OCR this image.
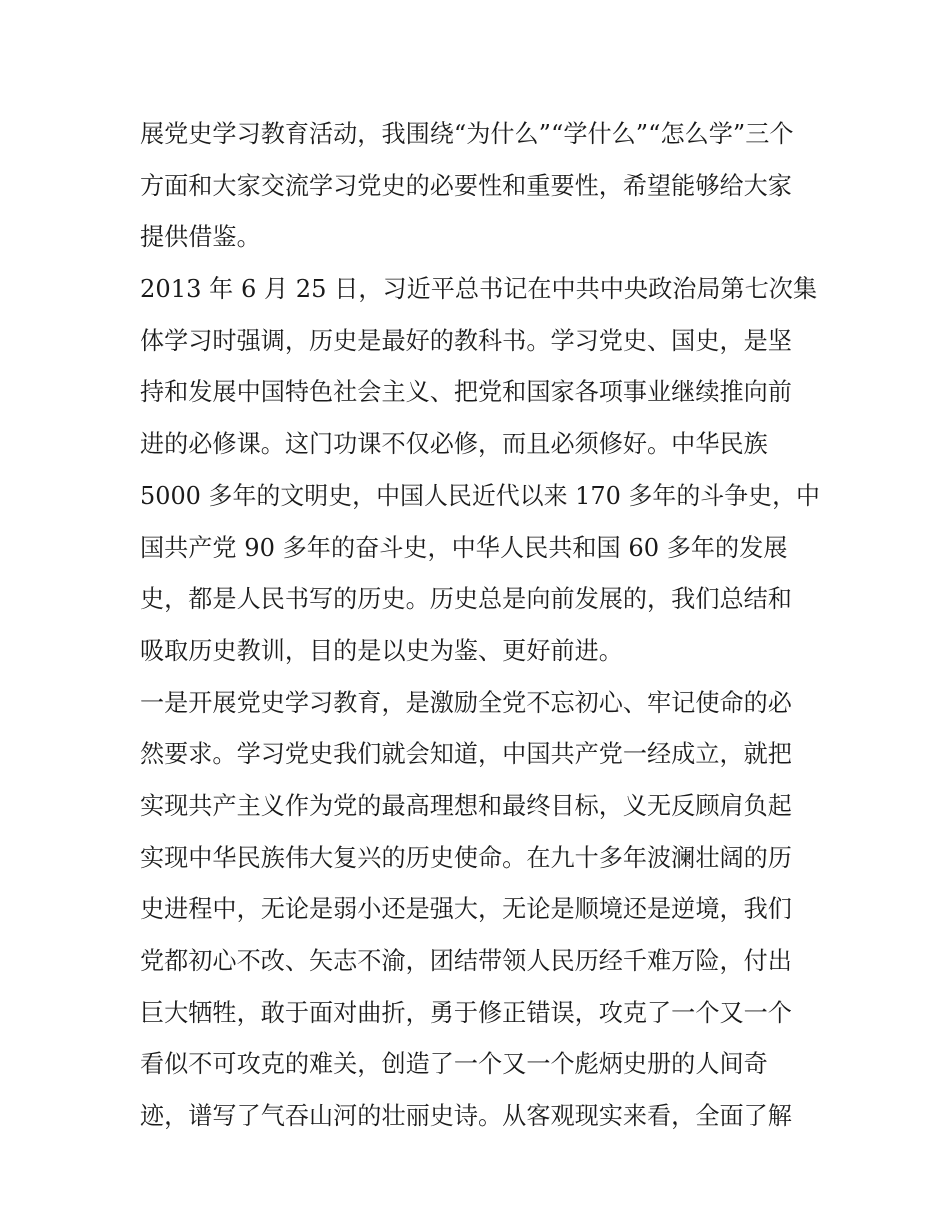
展党史学习教育活动，我围绕“为什么”“学什么”“怎么学”三个
方面和大家交流学习党史的必要性和重要性，希望能够给大家
提供借鉴。
2013 年 6 月 25 日，习近平总书记在中共中央政治局第七次集
体学习时强调，历史是最好的教科书。学习党史、国史，是坚
持和发展中国特色社会主义、把党和国家各项事业继续推向前
进的必修课。这门功课不仅必修，而且必须修好。中华民族
5000 多年的文明史，中国人民近代以来 170 多年的斗争史，中
国共产党 90 多年的奋斗史，中华人民共和国 60 多年的发展
史，都是人民书写的历史。历史总是向前发展的，我们总结和
吸取历史教训，目的是以史为鉴、更好前进。
一是开展党史学习教育，是激励全党不忘初心、牢记使命的必
然要求。学习党史我们就会知道，中国共产党一经成立，就把
实现共产主义作为党的最高理想和最终目标，义无反顾肩负起
实现中华民族伟大复兴的历史使命。在九十多年波澜壮阔的历
史进程中，无论是弱小还是强大，无论是顺境还是逆境，我们
党都初心不改、矢志不渝，团结带领人民历经千难万险，付出
巨大牺牲，敢于面对曲折，勇于修正错误，攻克了一个又一个
看似不可攻克的难关，创造了一个又一个彪炳史册的人间奇
迹，谱写了气吞山河的壮丽史诗。从客观现实来看，全面了解
